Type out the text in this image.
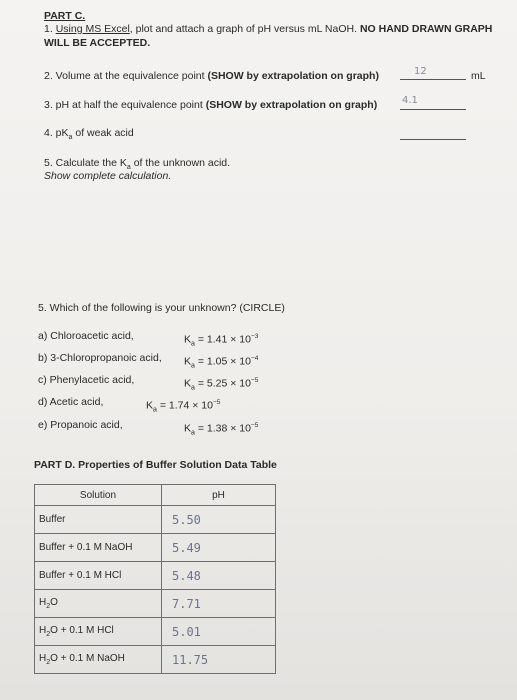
PART C.
1. Using MS Excel, plot and attach a graph of pH versus mL NaOH. NO HAND DRAWN GRAPH
WILL BE ACCEPTED.
2. Volume at the equivalence point (SHOW by extrapolation on graph)	12	mL
3. pH at half the equivalence point (SHOW by extrapolation on graph) 4.1
4. $pK_a$ of weak acid
5. Calculate the $K_a$ of the unknown acid.
Show complete calculation.
5. Which of the following is your unknown? (CIRCLE)
a) Chloroacetic acid,	$K_a = 1.41 \times 10^{-3}$
b) 3-Chloropropanoic acid, $K_a = 1.05 \times 10^{-4}$
c) Phenylacetic acid,	$K_a = 5.25 \times 10^{-5}$
d) Acetic acid,	$K_a = 1.74 \times 10^{-5}$
e) Propanoic acid,	$K_a = 1.38 \times 10^{-5}$
PART D. Properties of Buffer Solution Data Table
Solution	pH
Buffer	5.50
Buffer + 0.1 M NaOH	5.49
Buffer + 0.1 M HCl	5.48
$H_2O$	7.71
$H_2O + 0.1$ M HCl	5.01
$H_2O + 0.1$ M NaOH	11.75
